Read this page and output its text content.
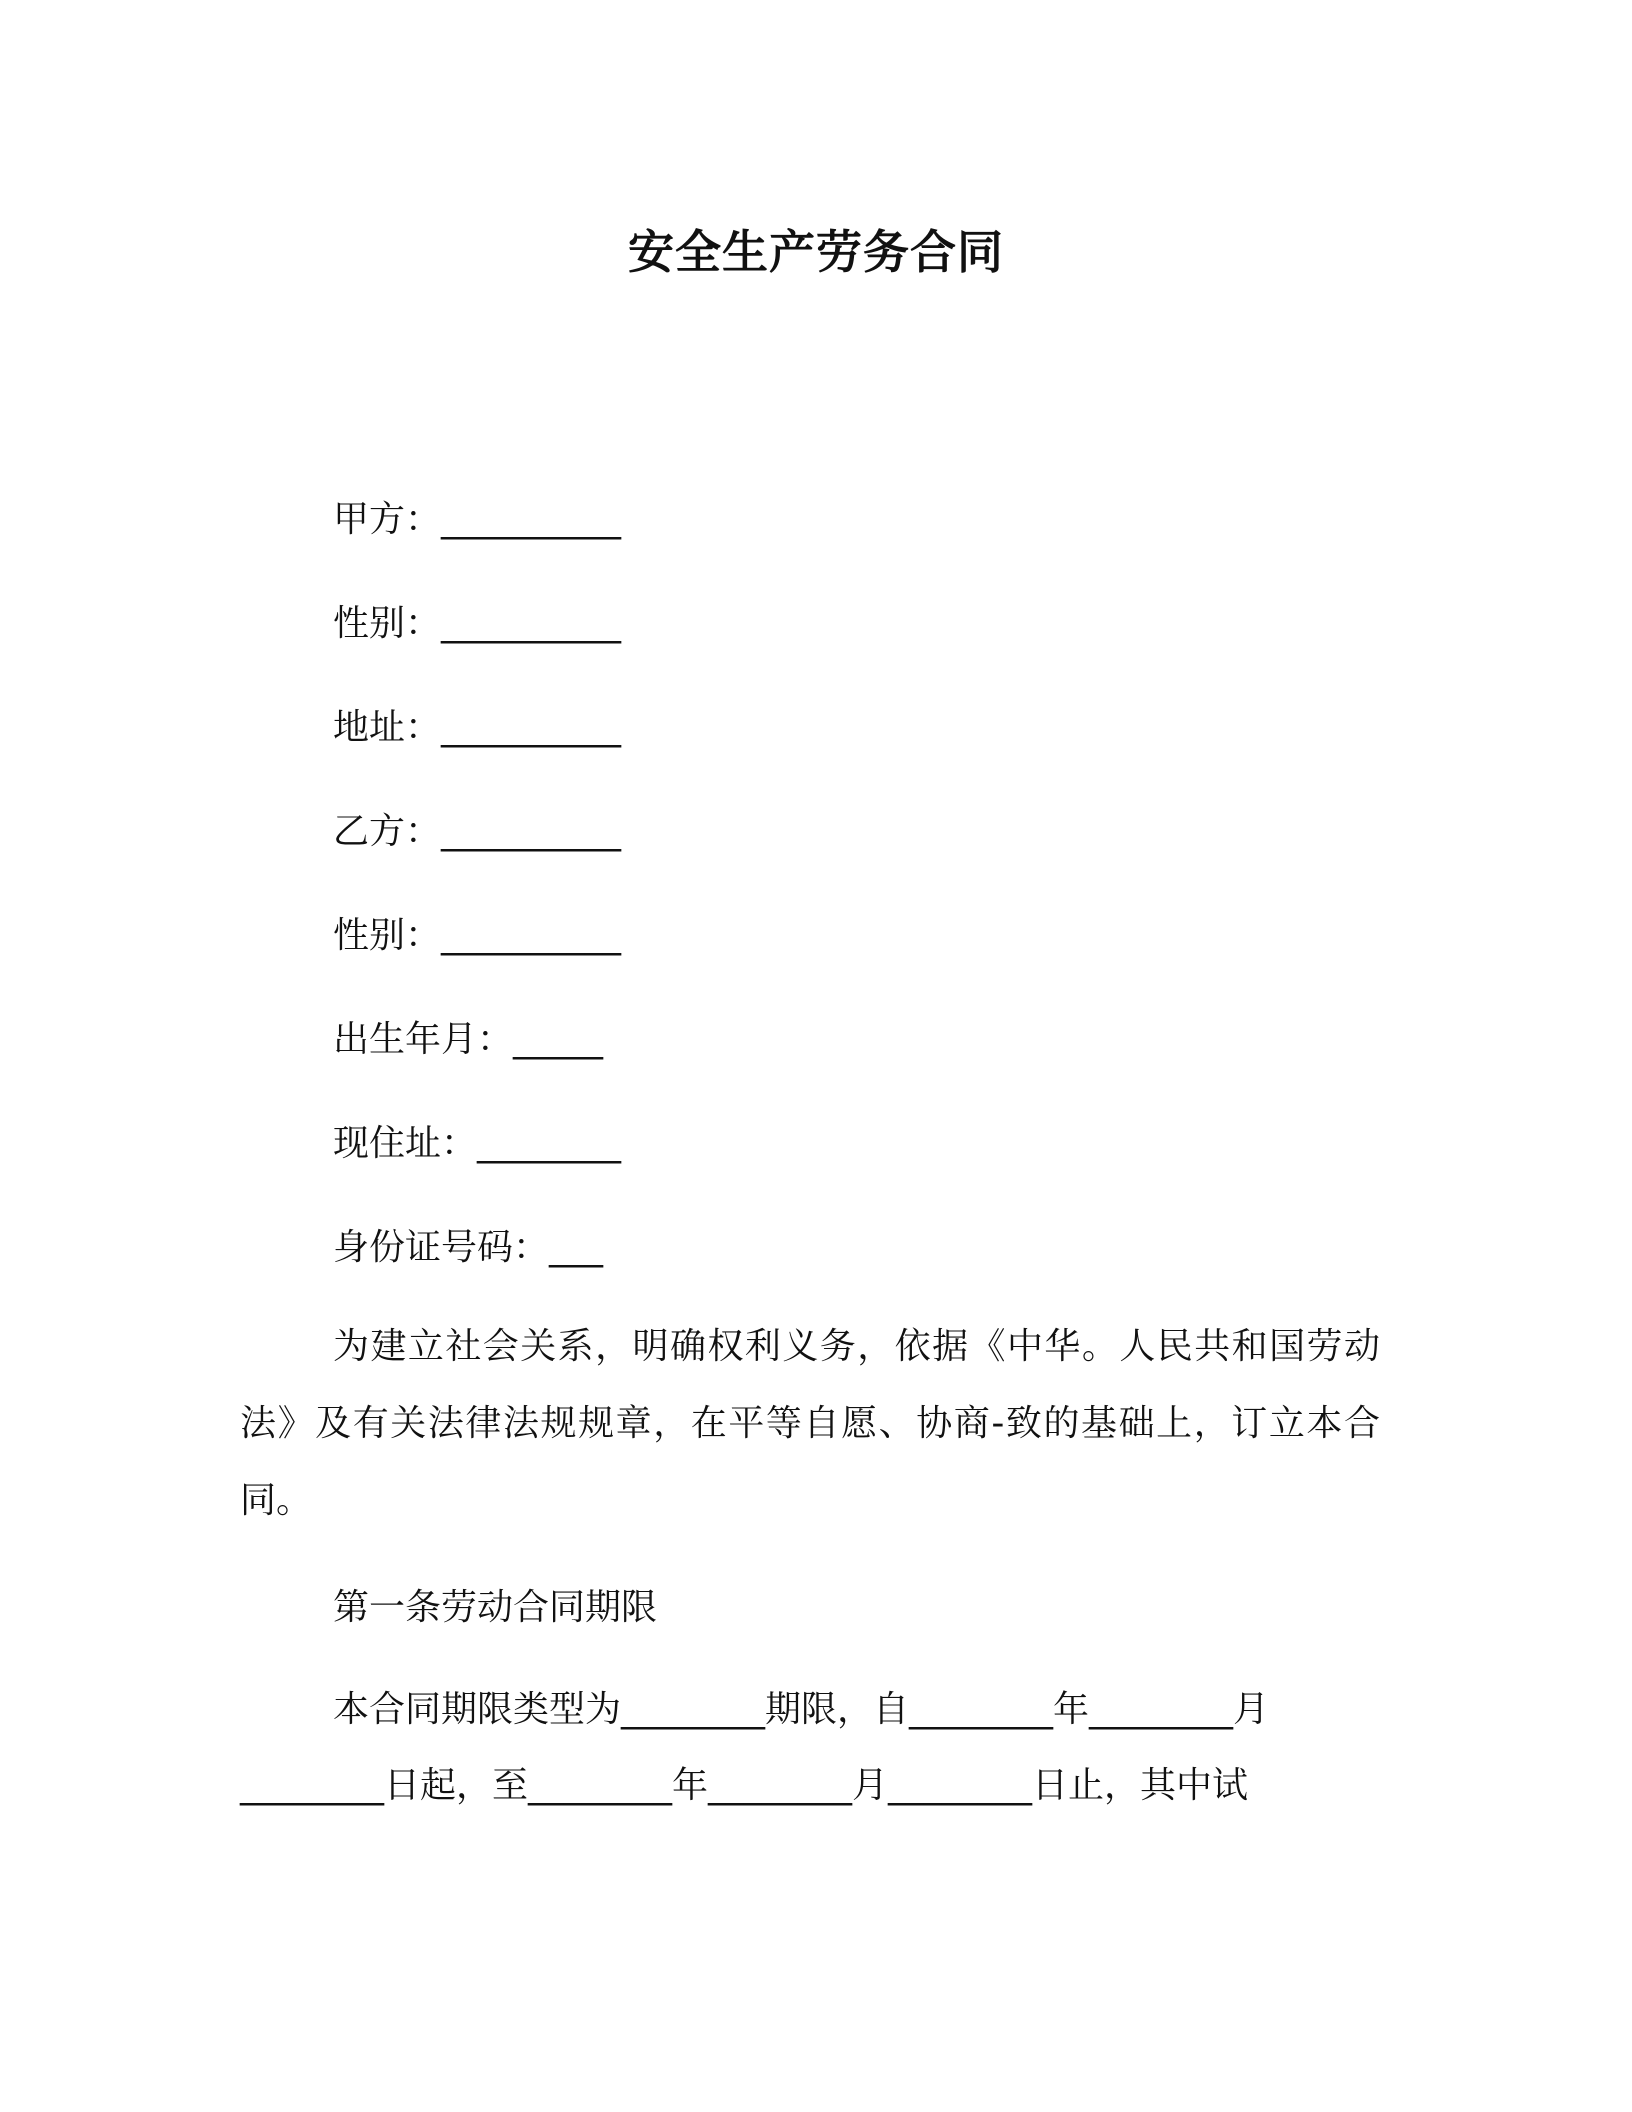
安全生产劳务合同
甲方：__________
性别：__________
地址：__________
乙方：__________
性别：__________
出生年月：_____
现住址：________
身份证号码：___

为建立社会关系，明确权利义务，依据《中华。人民共和国劳动法》及有关法律法规规章，在平等自愿、协商-致的基础上，订立本合同。

第一条劳动合同期限
本合同期限类型为________期限，自________年________月
________日起，至________年________月________日止，其中试
